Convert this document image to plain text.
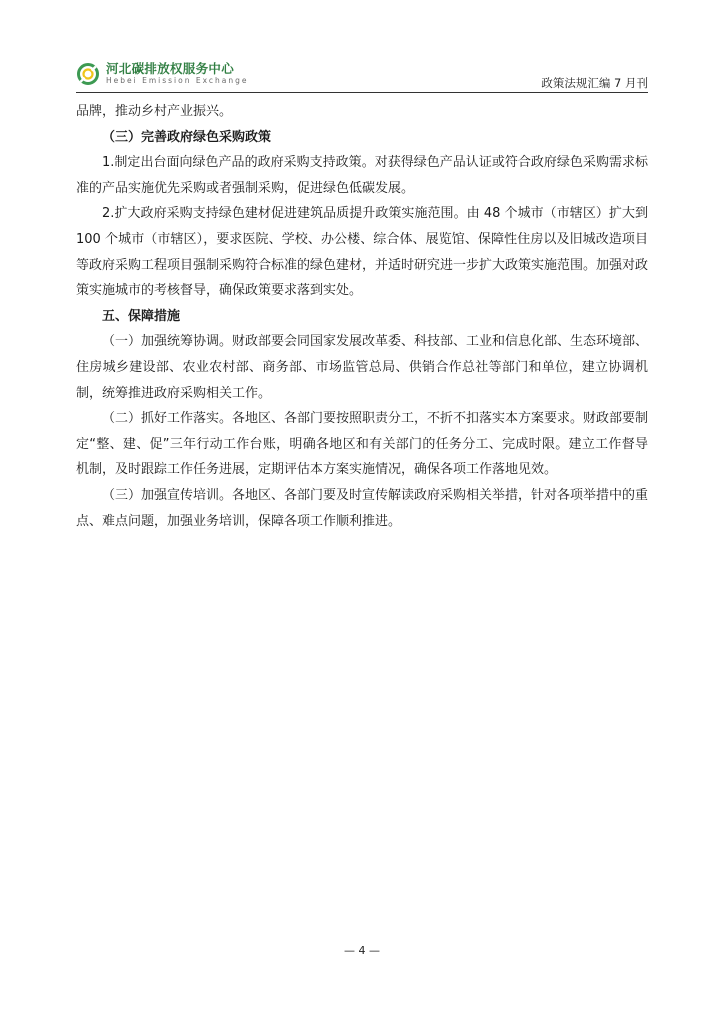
河北碳排放权服务中心
Hebei Emission Exchange	政策法规汇编 7 月刊

品牌，推动乡村产业振兴。

（三）完善政府绿色采购政策

1.制定出台面向绿色产品的政府采购支持政策。对获得绿色产品认证或符合政府绿色采购需求标准的产品实施优先采购或者强制采购，促进绿色低碳发展。

2.扩大政府采购支持绿色建材促进建筑品质提升政策实施范围。由 48 个城市（市辖区）扩大到 100 个城市（市辖区），要求医院、学校、办公楼、综合体、展览馆、保障性住房以及旧城改造项目等政府采购工程项目强制采购符合标准的绿色建材，并适时研究进一步扩大政策实施范围。加强对政策实施城市的考核督导，确保政策要求落到实处。

五、保障措施

（一）加强统筹协调。财政部要会同国家发展改革委、科技部、工业和信息化部、生态环境部、住房城乡建设部、农业农村部、商务部、市场监管总局、供销合作总社等部门和单位，建立协调机制，统筹推进政府采购相关工作。

（二）抓好工作落实。各地区、各部门要按照职责分工，不折不扣落实本方案要求。财政部要制定“整、建、促”三年行动工作台账，明确各地区和有关部门的任务分工、完成时限。建立工作督导机制，及时跟踪工作任务进展，定期评估本方案实施情况，确保各项工作落地见效。

（三）加强宣传培训。各地区、各部门要及时宣传解读政府采购相关举措，针对各项举措中的重点、难点问题，加强业务培训，保障各项工作顺利推进。

— 4 —
